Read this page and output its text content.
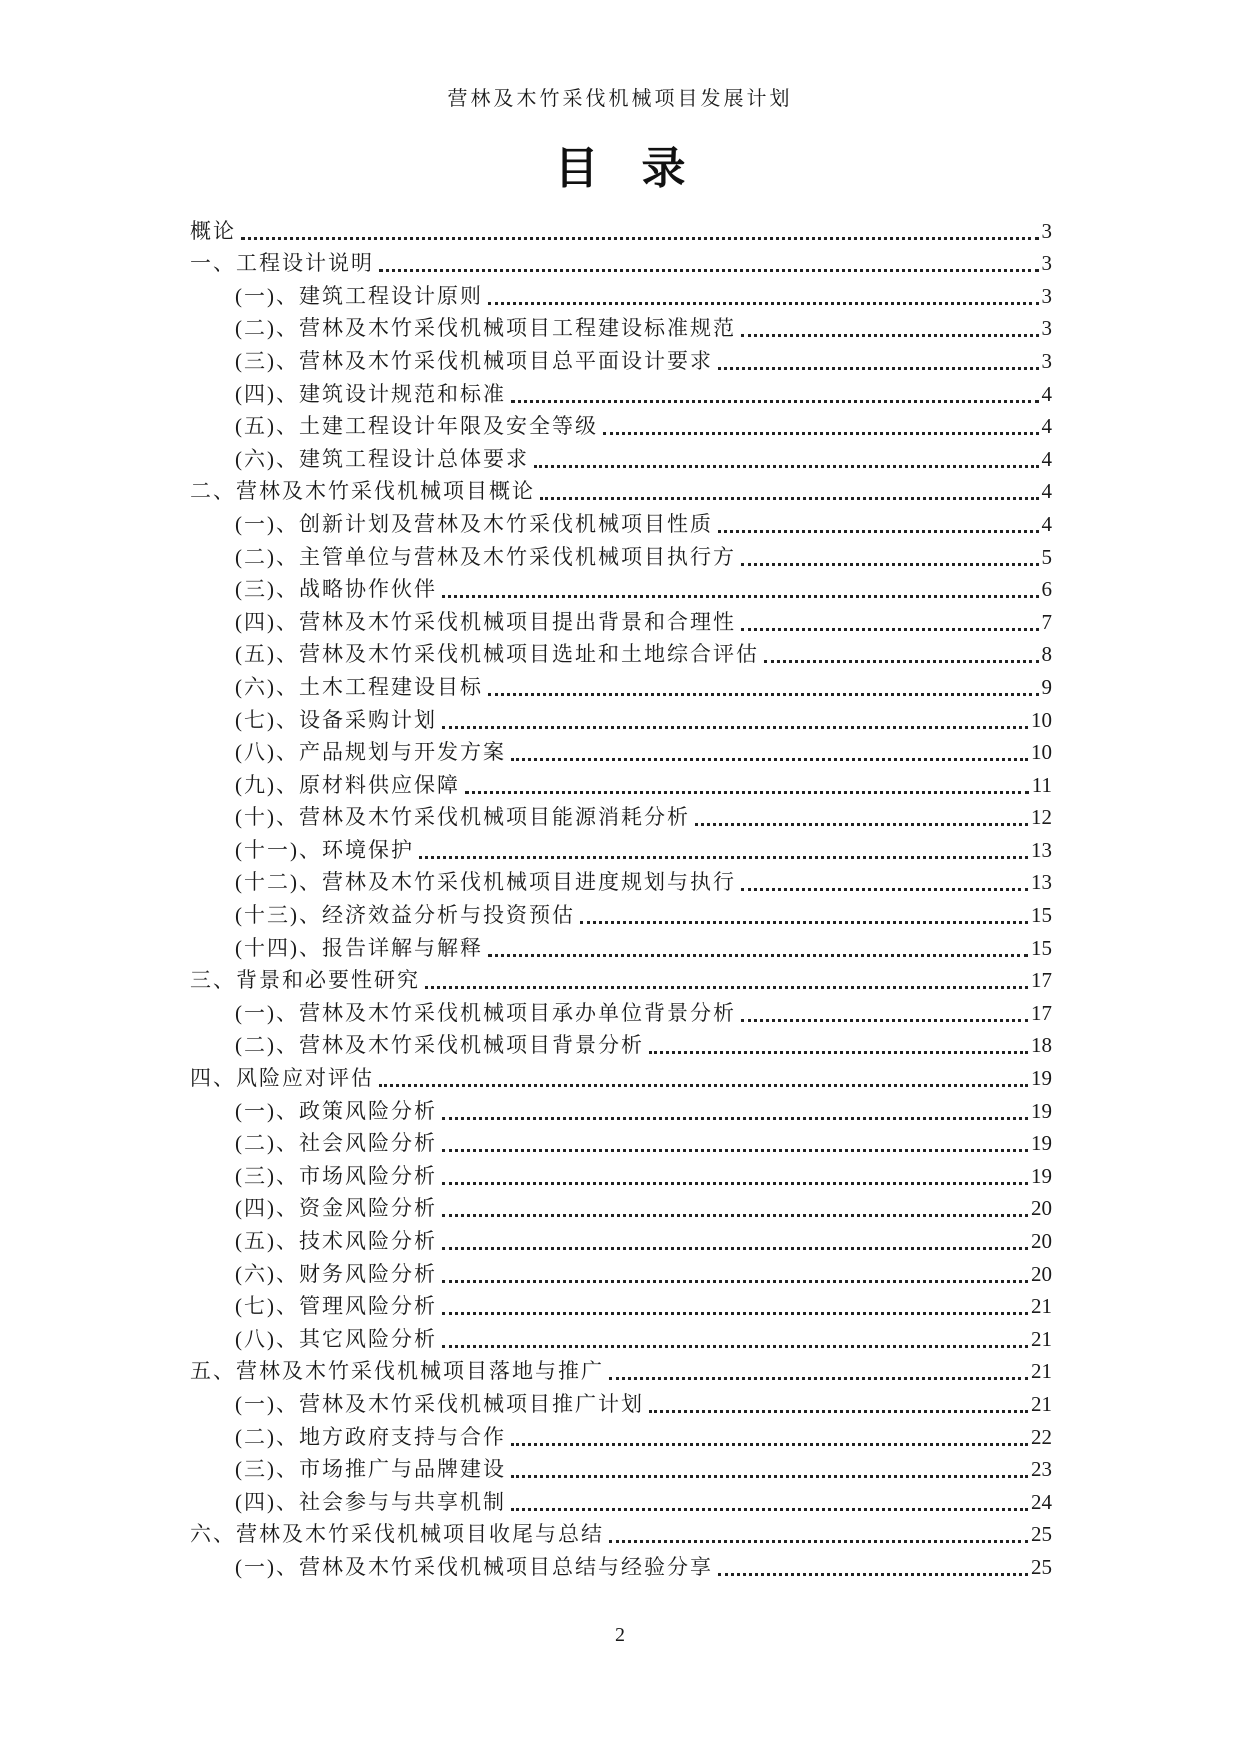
营林及木竹采伐机械项目发展计划
目 录
概论	3
一、工程设计说明	3
(一)、建筑工程设计原则	3
(二)、营林及木竹采伐机械项目工程建设标准规范	3
(三)、营林及木竹采伐机械项目总平面设计要求	3
(四)、建筑设计规范和标准	4
(五)、土建工程设计年限及安全等级	4
(六)、建筑工程设计总体要求	4
二、营林及木竹采伐机械项目概论	4
(一)、创新计划及营林及木竹采伐机械项目性质	4
(二)、主管单位与营林及木竹采伐机械项目执行方	5
(三)、战略协作伙伴	6
(四)、营林及木竹采伐机械项目提出背景和合理性	7
(五)、营林及木竹采伐机械项目选址和土地综合评估	8
(六)、土木工程建设目标	9
(七)、设备采购计划	10
(八)、产品规划与开发方案	10
(九)、原材料供应保障	11
(十)、营林及木竹采伐机械项目能源消耗分析	12
(十一)、环境保护	13
(十二)、营林及木竹采伐机械项目进度规划与执行	13
(十三)、经济效益分析与投资预估	15
(十四)、报告详解与解释	15
三、背景和必要性研究	17
(一)、营林及木竹采伐机械项目承办单位背景分析	17
(二)、营林及木竹采伐机械项目背景分析	18
四、风险应对评估	19
(一)、政策风险分析	19
(二)、社会风险分析	19
(三)、市场风险分析	19
(四)、资金风险分析	20
(五)、技术风险分析	20
(六)、财务风险分析	20
(七)、管理风险分析	21
(八)、其它风险分析	21
五、营林及木竹采伐机械项目落地与推广	21
(一)、营林及木竹采伐机械项目推广计划	21
(二)、地方政府支持与合作	22
(三)、市场推广与品牌建设	23
(四)、社会参与与共享机制	24
六、营林及木竹采伐机械项目收尾与总结	25
(一)、营林及木竹采伐机械项目总结与经验分享	25
2
